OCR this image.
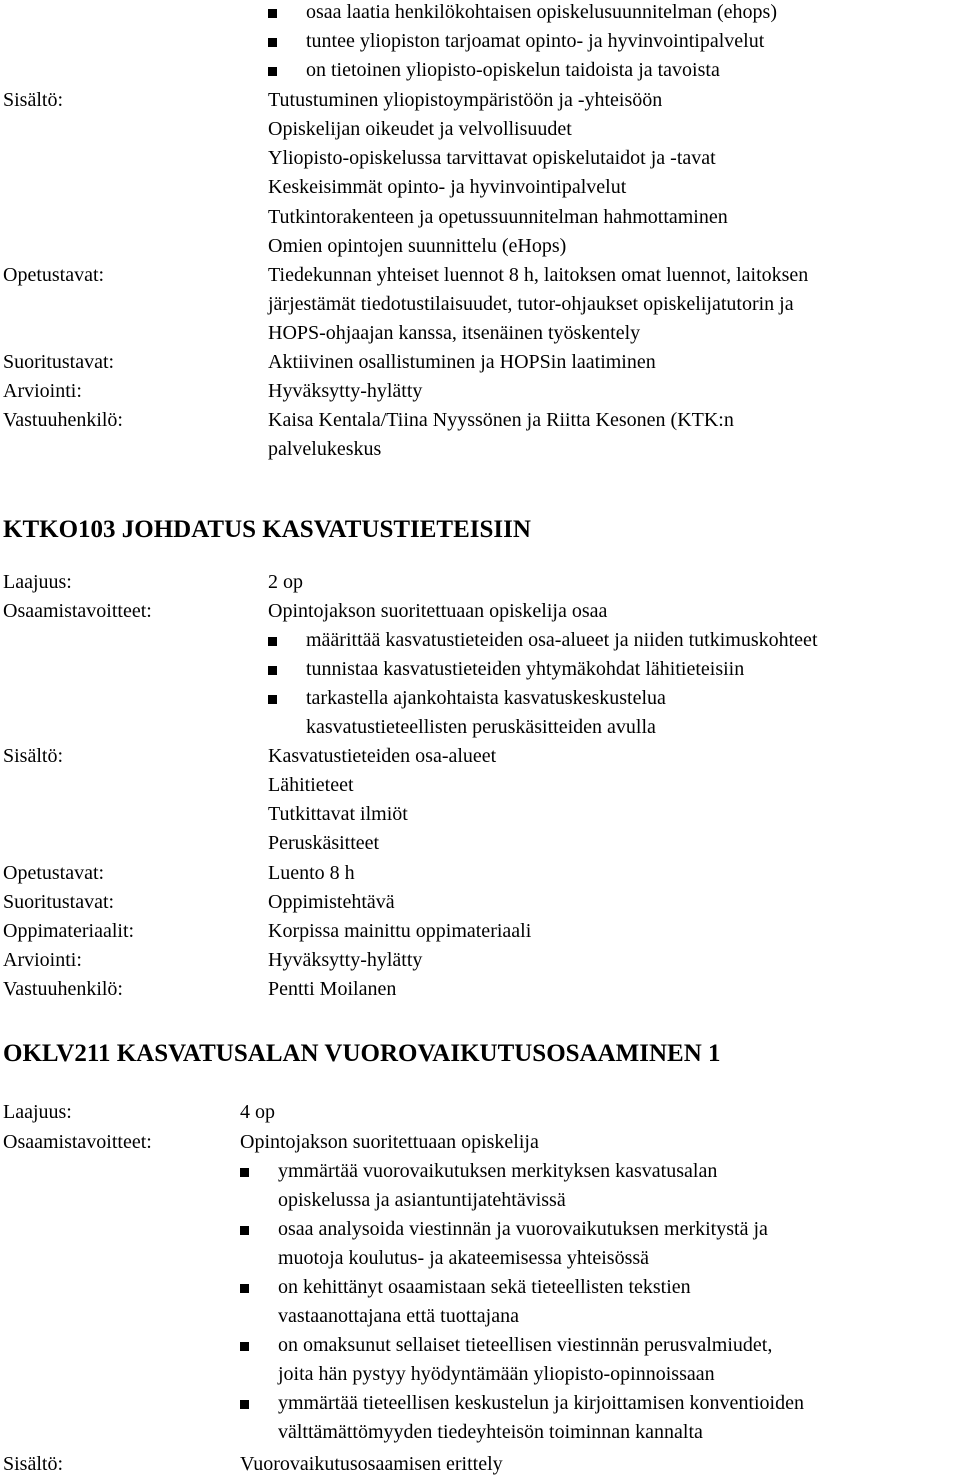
osaa laatia henkilökohtaisen opiskelusuunnitelman (ehops)
tuntee yliopiston tarjoamat opinto- ja hyvinvointipalvelut
on tietoinen yliopisto-opiskelun taidoista ja tavoista
Sisältö:	Tutustuminen yliopistoympäristöön ja -yhteisöön
Opiskelijan oikeudet ja velvollisuudet
Yliopisto-opiskelussa tarvittavat opiskelutaidot ja -tavat
Keskeisimmät opinto- ja hyvinvointipalvelut
Tutkintorakenteen ja opetussuunnitelman hahmottaminen
Omien opintojen suunnittelu (eHops)
Opetustavat:	Tiedekunnan yhteiset luennot 8 h, laitoksen omat luennot, laitoksen
järjestämät tiedotustilaisuudet, tutor-ohjaukset opiskelijatutorin ja
HOPS-ohjaajan kanssa, itsenäinen työskentely
Suoritustavat:	Aktiivinen osallistuminen ja HOPSin laatiminen
Arviointi:	Hyväksytty-hylätty
Vastuuhenkilö:	Kaisa Kentala/Tiina Nyyssönen ja Riitta Kesonen (KTK:n
palvelukeskus
KTKO103 JOHDATUS KASVATUSTIETEISIIN
Laajuus:	2 op
Osaamistavoitteet:	Opintojakson suoritettuaan opiskelija osaa
määrittää kasvatustieteiden osa-alueet ja niiden tutkimuskohteet
tunnistaa kasvatustieteiden yhtymäkohdat lähitieteisiin
tarkastella ajankohtaista kasvatuskeskustelua
kasvatustieteellisten peruskäsitteiden avulla
Sisältö:	Kasvatustieteiden osa-alueet
Lähitieteet
Tutkittavat ilmiöt
Peruskäsitteet
Opetustavat:	Luento 8 h
Suoritustavat:	Oppimistehtävä
Oppimateriaalit:	Korpissa mainittu oppimateriaali
Arviointi:	Hyväksytty-hylätty
Vastuuhenkilö:	Pentti Moilanen
OKLV211 KASVATUSALAN VUOROVAIKUTUSOSAAMINEN 1
Laajuus:	4 op
Osaamistavoitteet:	Opintojakson suoritettuaan opiskelija
ymmärtää vuorovaikutuksen merkityksen kasvatusalan
opiskelussa ja asiantuntijatehtävissä
osaa analysoida viestinnän ja vuorovaikutuksen merkitystä ja
muotoja koulutus- ja akateemisessa yhteisössä
on kehittänyt osaamistaan sekä tieteellisten tekstien
vastaanottajana että tuottajana
on omaksunut sellaiset tieteellisen viestinnän perusvalmiudet,
joita hän pystyy hyödyntämään yliopisto-opinnoissaan
ymmärtää tieteellisen keskustelun ja kirjoittamisen konventioiden
välttämättömyyden tiedeyhteisön toiminnan kannalta
Sisältö:	Vuorovaikutusosaamisen erittely
